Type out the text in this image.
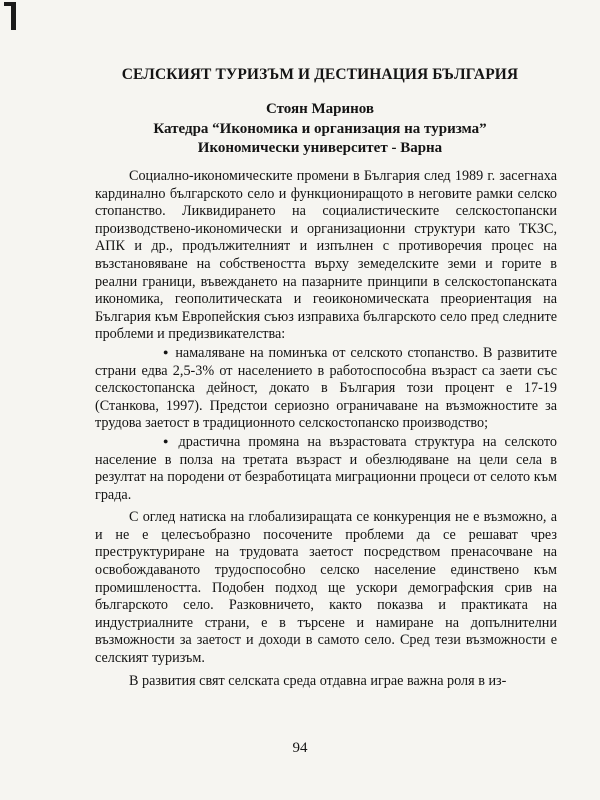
СЕЛСКИЯТ ТУРИЗЪМ И ДЕСТИНАЦИЯ БЪЛГАРИЯ
Стоян Маринов
Катедра “Икономика и организация на туризма”
Икономически университет - Варна

Социално-икономическите промени в България след 1989 г. засегнаха кардинално българското село и функциониращото в неговите рамки селско стопанство. Ликвидирането на социалистическите селскостопански производствено-икономически и организационни структури като ТКЗС, АПК и др., продължителният и изпълнен с противоречия процес на възстановяване на собствеността върху земеделските земи и горите в реални граници, въвеждането на пазарните принципи в селскостопанската икономика, геополитическата и геоикономическата преориентация на България към Европейския съюз изправиха българското село пред следните проблеми и предизвикателства:

● намаляване на поминъка от селското стопанство. В развитите страни едва 2,5-3% от населението в работоспособна възраст са заети със селскостопанска дейност, докато в България този процент е 17-19 (Станкова, 1997). Предстои сериозно ограничаване на възможностите за трудова заетост в традиционното селскостопанско производство;

● драстична промяна на възрастовата структура на селското население в полза на третата възраст и обезлюдяване на цели села в резултат на породени от безработицата миграционни процеси от селото към града.

С оглед натиска на глобализиращата се конкуренция не е възможно, а и не е целесъобразно посочените проблеми да се решават чрез преструктуриране на трудовата заетост посредством пренасочване на освобождаваното трудоспособно селско население единствено към промишлеността. Подобен подход ще ускори демографския срив на българското село. Разковничето, както показва и практиката на индустриалните страни, е в търсене и намиране на допълнителни възможности за заетост и доходи в самото село. Сред тези възможности е селският туризъм.

В развития свят селската среда отдавна играе важна роля в из-

94
